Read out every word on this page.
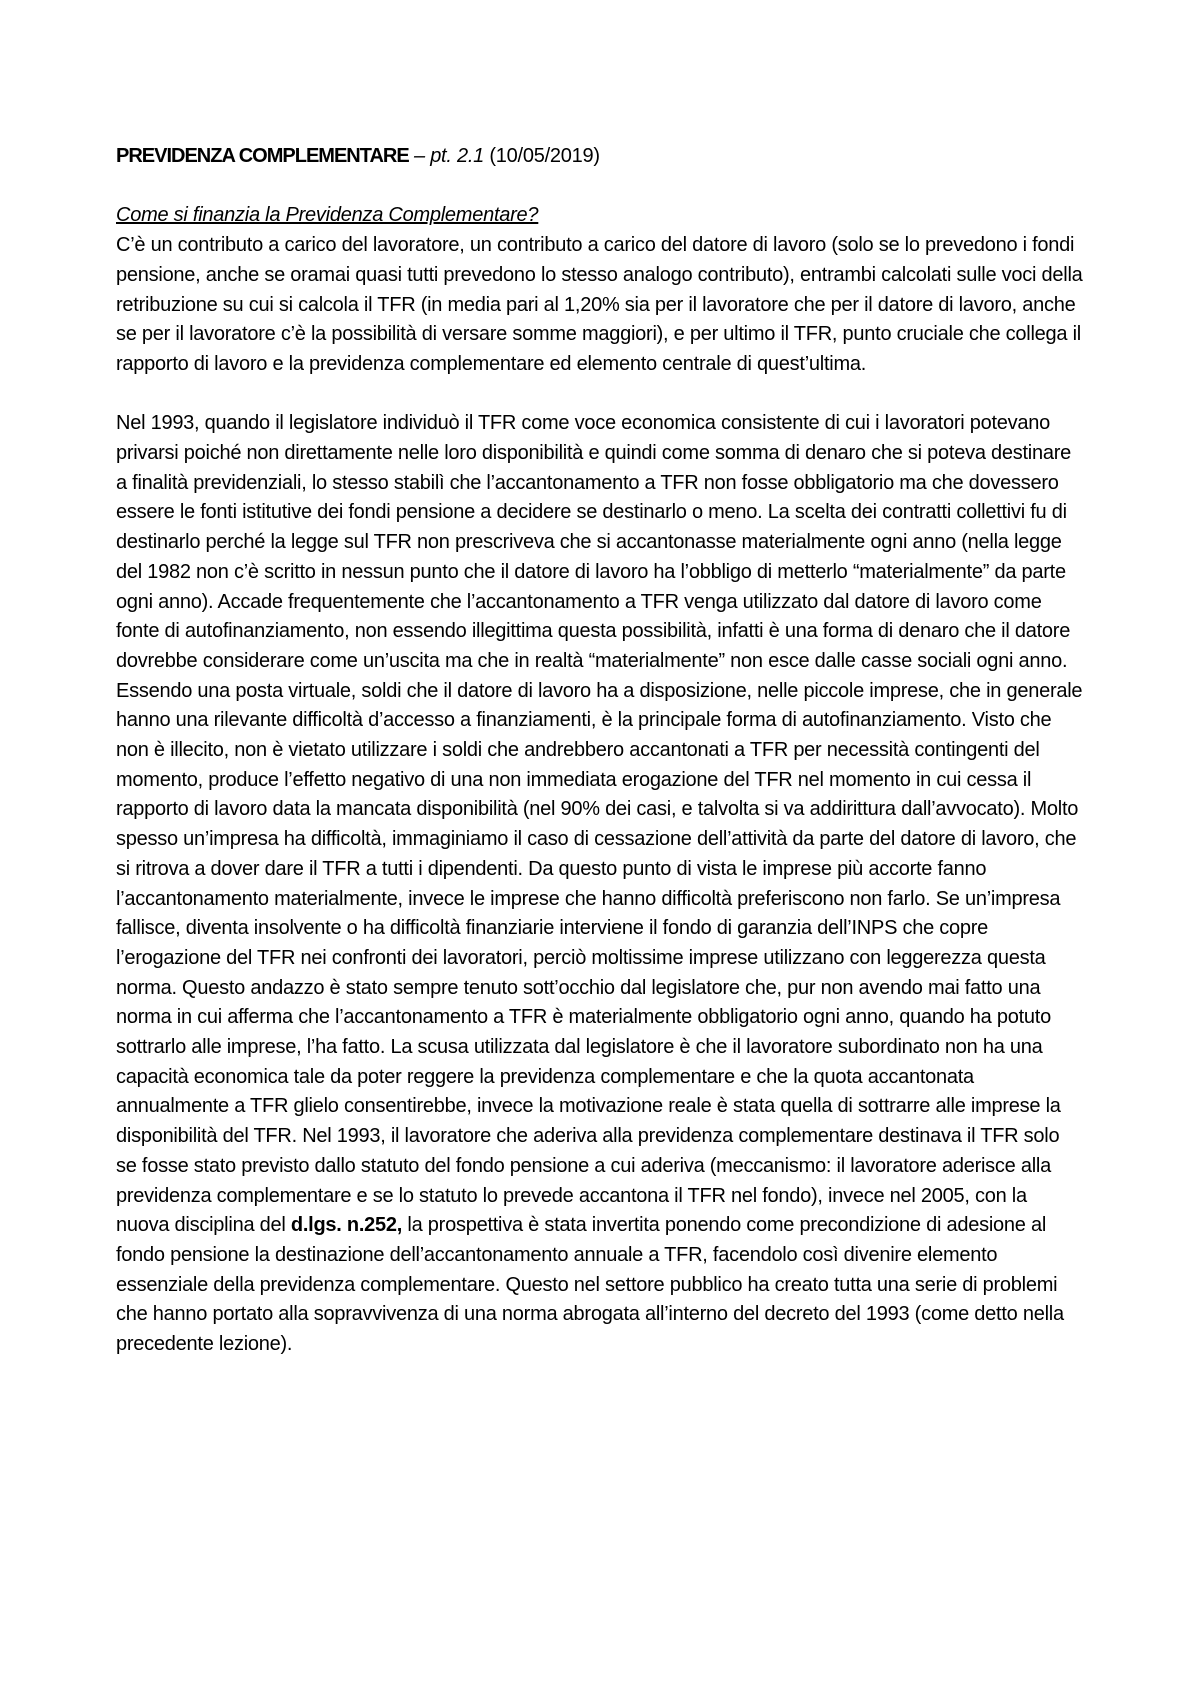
PREVIDENZA COMPLEMENTARE – pt. 2.1 (10/05/2019)

Come si finanzia la Previdenza Complementare?

C’è un contributo a carico del lavoratore, un contributo a carico del datore di lavoro (solo se lo prevedono i fondi pensione, anche se oramai quasi tutti prevedono lo stesso analogo contributo), entrambi calcolati sulle voci della retribuzione su cui si calcola il TFR (in media pari al 1,20% sia per il lavoratore che per il datore di lavoro, anche se per il lavoratore c’è la possibilità di versare somme maggiori), e per ultimo il TFR, punto cruciale che collega il rapporto di lavoro e la previdenza complementare ed elemento centrale di quest’ultima.

Nel 1993, quando il legislatore individuò il TFR come voce economica consistente di cui i lavoratori potevano privarsi poiché non direttamente nelle loro disponibilità e quindi come somma di denaro che si poteva destinare a finalità previdenziali, lo stesso stabilì che l’accantonamento a TFR non fosse obbligatorio ma che dovessero essere le fonti istitutive dei fondi pensione a decidere se destinarlo o meno. La scelta dei contratti collettivi fu di destinarlo perché la legge sul TFR non prescriveva che si accantonasse materialmente ogni anno (nella legge del 1982 non c’è scritto in nessun punto che il datore di lavoro ha l’obbligo di metterlo “materialmente” da parte ogni anno). Accade frequentemente che l’accantonamento a TFR venga utilizzato dal datore di lavoro come fonte di autofinanziamento, non essendo illegittima questa possibilità, infatti è una forma di denaro che il datore dovrebbe considerare come un’uscita ma che in realtà “materialmente” non esce dalle casse sociali ogni anno. Essendo una posta virtuale, soldi che il datore di lavoro ha a disposizione, nelle piccole imprese, che in generale hanno una rilevante difficoltà d’accesso a finanziamenti, è la principale forma di autofinanziamento. Visto che non è illecito, non è vietato utilizzare i soldi che andrebbero accantonati a TFR per necessità contingenti del momento, produce l’effetto negativo di una non immediata erogazione del TFR nel momento in cui cessa il rapporto di lavoro data la mancata disponibilità (nel 90% dei casi, e talvolta si va addirittura dall’avvocato). Molto spesso un’impresa ha difficoltà, immaginiamo il caso di cessazione dell’attività da parte del datore di lavoro, che si ritrova a dover dare il TFR a tutti i dipendenti. Da questo punto di vista le imprese più accorte fanno l’accantonamento materialmente, invece le imprese che hanno difficoltà preferiscono non farlo. Se un’impresa fallisce, diventa insolvente o ha difficoltà finanziarie interviene il fondo di garanzia dell’INPS che copre l’erogazione del TFR nei confronti dei lavoratori, perciò moltissime imprese utilizzano con leggerezza questa norma. Questo andazzo è stato sempre tenuto sott’occhio dal legislatore che, pur non avendo mai fatto una norma in cui afferma che l’accantonamento a TFR è materialmente obbligatorio ogni anno, quando ha potuto sottrarlo alle imprese, l’ha fatto. La scusa utilizzata dal legislatore è che il lavoratore subordinato non ha una capacità economica tale da poter reggere la previdenza complementare e che la quota accantonata annualmente a TFR glielo consentirebbe, invece la motivazione reale è stata quella di sottrarre alle imprese la disponibilità del TFR. Nel 1993, il lavoratore che aderiva alla previdenza complementare destinava il TFR solo se fosse stato previsto dallo statuto del fondo pensione a cui aderiva (meccanismo: il lavoratore aderisce alla previdenza complementare e se lo statuto lo prevede accantona il TFR nel fondo), invece nel 2005, con la nuova disciplina del d.lgs. n.252, la prospettiva è stata invertita ponendo come precondizione di adesione al fondo pensione la destinazione dell’accantonamento annuale a TFR, facendolo così divenire elemento essenziale della previdenza complementare. Questo nel settore pubblico ha creato tutta una serie di problemi che hanno portato alla sopravvivenza di una norma abrogata all’interno del decreto del 1993 (come detto nella precedente lezione).
